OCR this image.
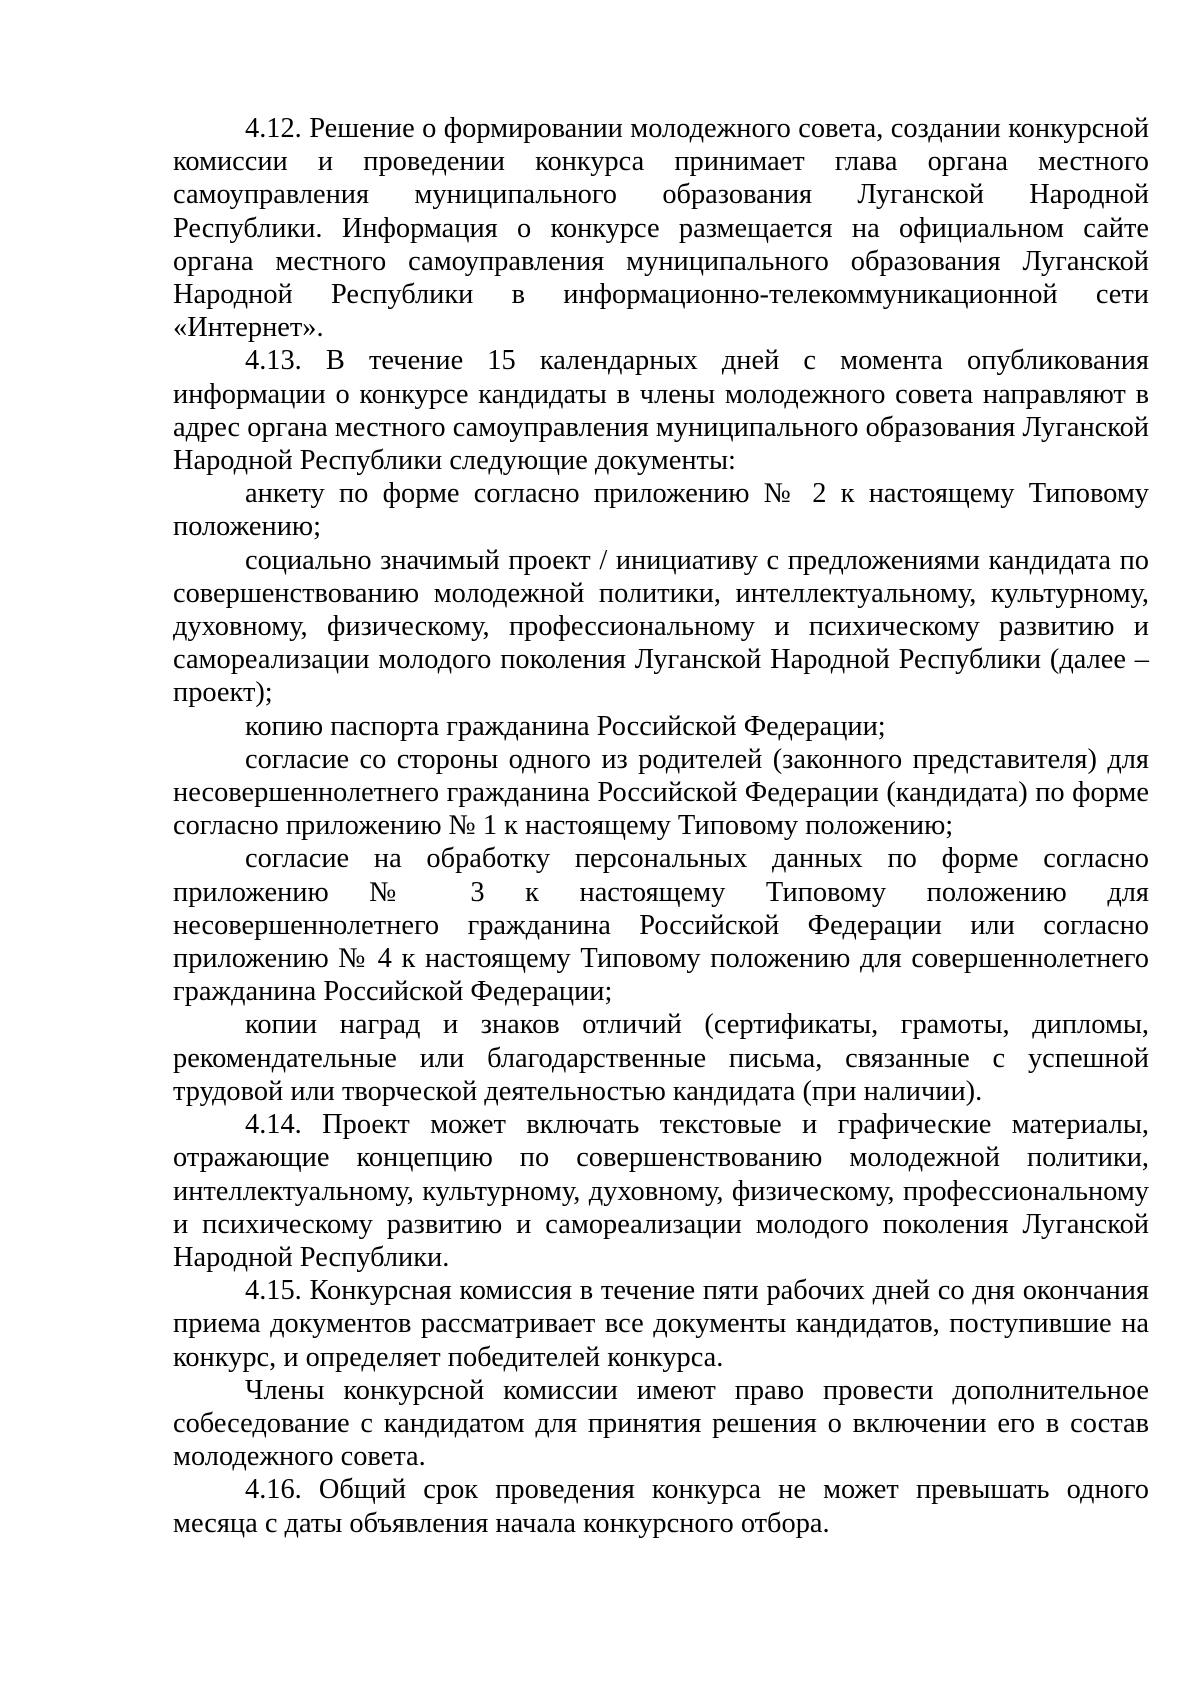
4.12. Решение о формировании молодежного совета, создании конкурсной комиссии и проведении конкурса принимает глава органа местного самоуправления муниципального образования Луганской Народной Республики. Информация о конкурсе размещается на официальном сайте органа местного самоуправления муниципального образования Луганской Народной Республики в информационно-телекоммуникационной сети «Интернет».

4.13. В течение 15 календарных дней с момента опубликования информации о конкурсе кандидаты в члены молодежного совета направляют в адрес органа местного самоуправления муниципального образования Луганской Народной Республики следующие документы:

анкету по форме согласно приложению № 2 к настоящему Типовому положению;

социально значимый проект / инициативу с предложениями кандидата по совершенствованию молодежной политики, интеллектуальному, культурному, духовному, физическому, профессиональному и психическому развитию и самореализации молодого поколения Луганской Народной Республики (далее – проект);

копию паспорта гражданина Российской Федерации;

согласие со стороны одного из родителей (законного представителя) для несовершеннолетнего гражданина Российской Федерации (кандидата) по форме согласно приложению № 1 к настоящему Типовому положению;

согласие на обработку персональных данных по форме согласно приложению № 3 к настоящему Типовому положению для несовершеннолетнего гражданина Российской Федерации или согласно приложению № 4 к настоящему Типовому положению для совершеннолетнего гражданина Российской Федерации;

копии наград и знаков отличий (сертификаты, грамоты, дипломы, рекомендательные или благодарственные письма, связанные с успешной трудовой или творческой деятельностью кандидата (при наличии).

4.14. Проект может включать текстовые и графические материалы, отражающие концепцию по совершенствованию молодежной политики, интеллектуальному, культурному, духовному, физическому, профессиональному и психическому развитию и самореализации молодого поколения Луганской Народной Республики.

4.15. Конкурсная комиссия в течение пяти рабочих дней со дня окончания приема документов рассматривает все документы кандидатов, поступившие на конкурс, и определяет победителей конкурса.

Члены конкурсной комиссии имеют право провести дополнительное собеседование с кандидатом для принятия решения о включении его в состав молодежного совета.

4.16. Общий срок проведения конкурса не может превышать одного месяца с даты объявления начала конкурсного отбора.
